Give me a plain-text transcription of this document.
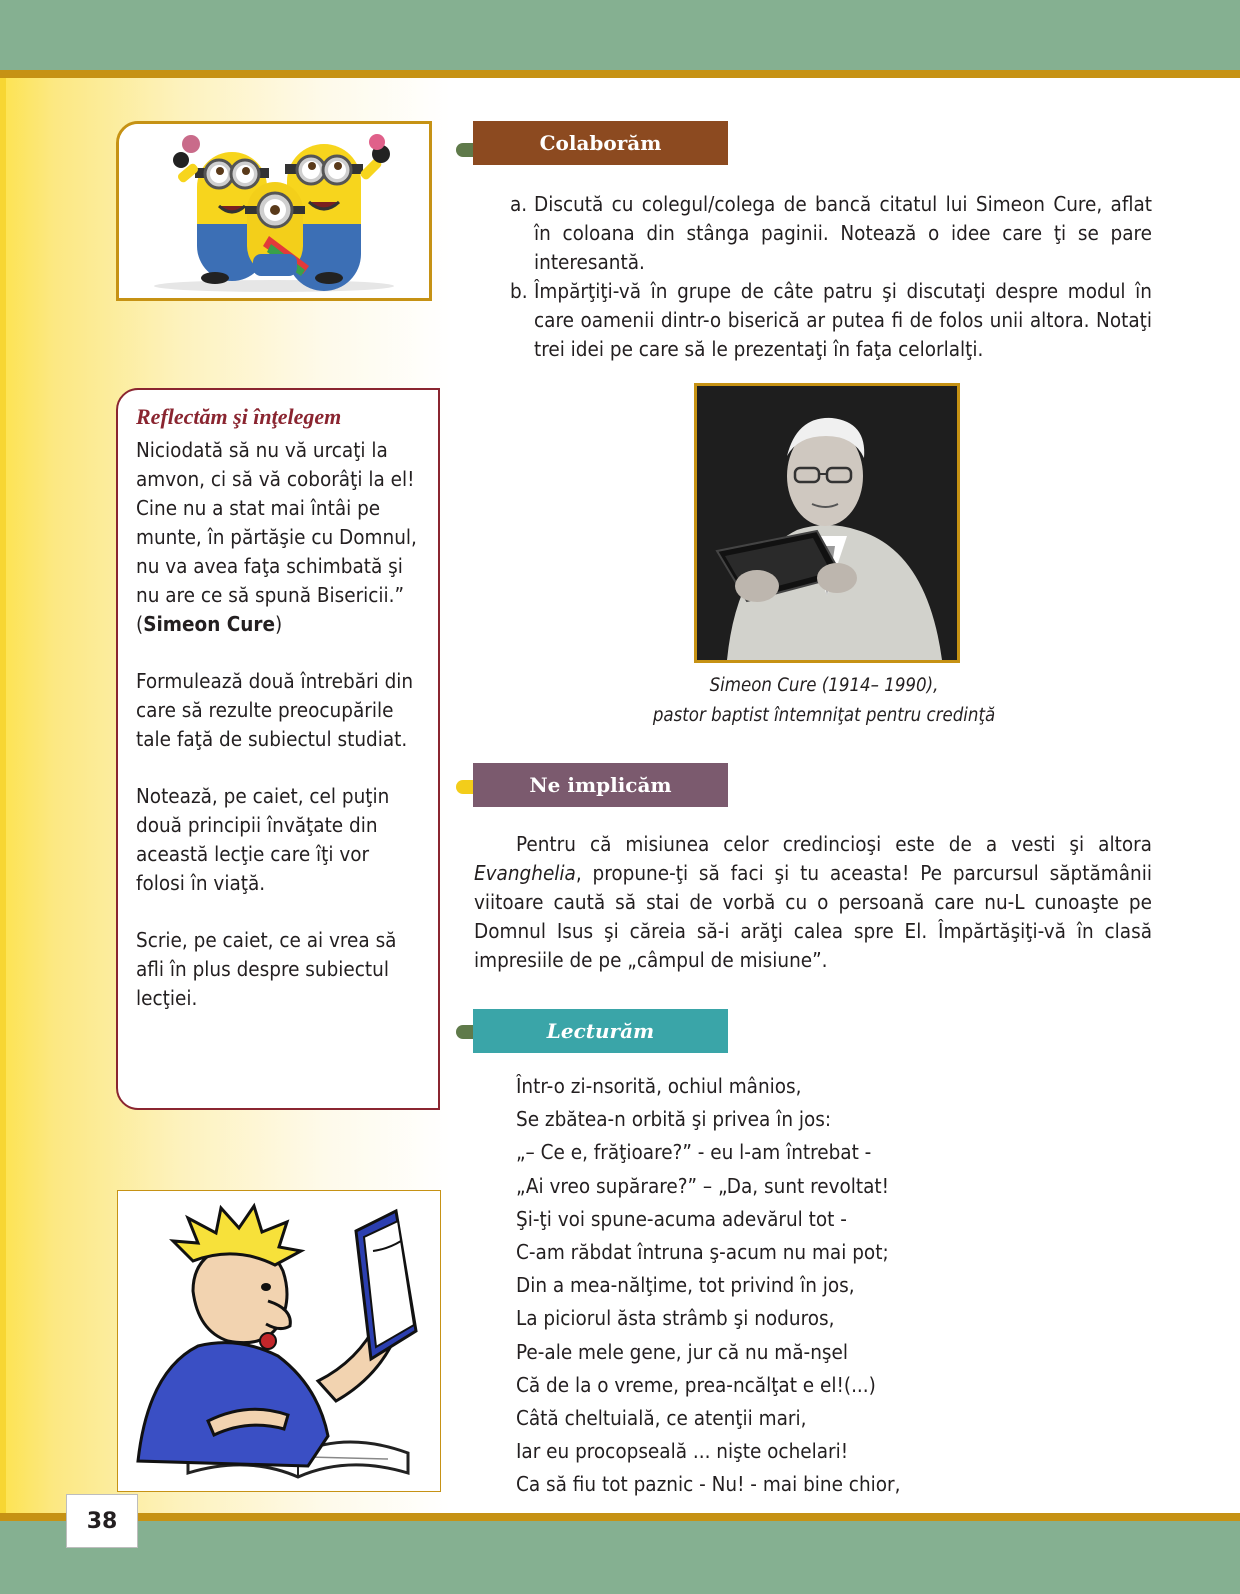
Reflectăm şi înţelegem

Niciodată să nu vă urcaţi la amvon, ci să vă coborâţi la el! Cine nu a stat mai întâi pe munte, în părtăşie cu Domnul, nu va avea faţa schimbată şi nu are ce să spună Bisericii.” (Simeon Cure)

Formulează două întrebări din care să rezulte preocupările tale faţă de subiectul studiat.

Notează, pe caiet, cel puţin două principii învăţate din această lecţie care îţi vor folosi în viaţă.

Scrie, pe caiet, ce ai vrea să afli în plus despre subiectul lecţiei.

Colaborăm
a. Discută cu colegul/colega de bancă citatul lui Simeon Cure, aflat în coloana din stânga paginii. Notează o idee care ţi se pare interesantă.
b. Împărţiţi-vă în grupe de câte patru şi discutaţi despre modul în care oamenii dintr-o biserică ar putea fi de folos unii altora. Notaţi trei idei pe care să le prezentaţi în faţa celorlalţi.
Simeon Cure (1914– 1990),
pastor baptist întemniţat pentru credinţă
Ne implicăm

Pentru că misiunea celor credincioşi este de a vesti şi altora Evanghelia, propune-ţi să faci şi tu aceasta! Pe parcursul săptămânii viitoare caută să stai de vorbă cu o persoană care nu-L cunoaşte pe Domnul Isus şi căreia să-i arăţi calea spre El. Împărtăşiţi-vă în clasă impresiile de pe „câmpul de misiune”.

Lecturăm
Într-o zi-nsorită, ochiul mânios,
Se zbătea-n orbită şi privea în jos:
„– Ce e, frăţioare?” - eu l-am întrebat -
„Ai vreo supărare?” – „Da, sunt revoltat!
Şi-ţi voi spune-acuma adevărul tot -
C-am răbdat întruna ş-acum nu mai pot;
Din a mea-nălţime, tot privind în jos,
La piciorul ăsta strâmb şi noduros,
Pe-ale mele gene, jur că nu mă-nşel
Că de la o vreme, prea-ncălţat e el!(...)
Câtă cheltuială, ce atenţii mari,
Iar eu procopseală ... nişte ochelari!
Ca să fiu tot paznic - Nu! - mai bine chior,
38
